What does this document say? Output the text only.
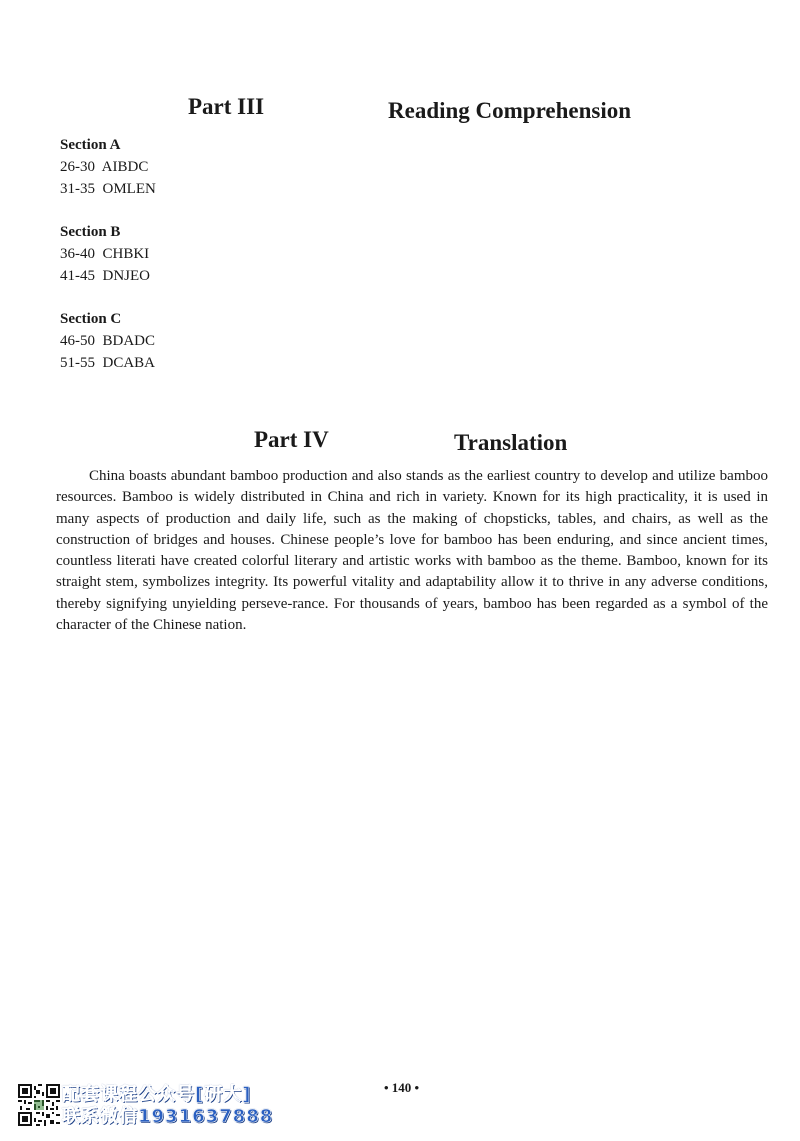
Part III	Reading Comprehension
Section A
26-30  AIBDC
31-35  OMLEN
Section B
36-40  CHBKI
41-45  DNJEO
Section C
46-50  BDADC
51-55  DCABA
Part IV	Translation

China boasts abundant bamboo production and also stands as the earliest country to develop and utilize bamboo resources. Bamboo is widely distributed in China and rich in variety. Known for its high practicality, it is used in many aspects of production and daily life, such as the making of chopsticks, tables, and chairs, as well as the construction of bridges and houses. Chinese people’s love for bamboo has been enduring, and since ancient times, countless literati have created colorful literary and artistic works with bamboo as the theme. Bamboo, known for its straight stem, symbolizes integrity. Its powerful vitality and adaptability allow it to thrive in any adverse conditions, thereby signifying unyielding perseve-rance. For thousands of years, bamboo has been regarded as a symbol of the character of the Chinese nation.

• 140 •
配套课程公众号[研大]
联系微信1931637888
